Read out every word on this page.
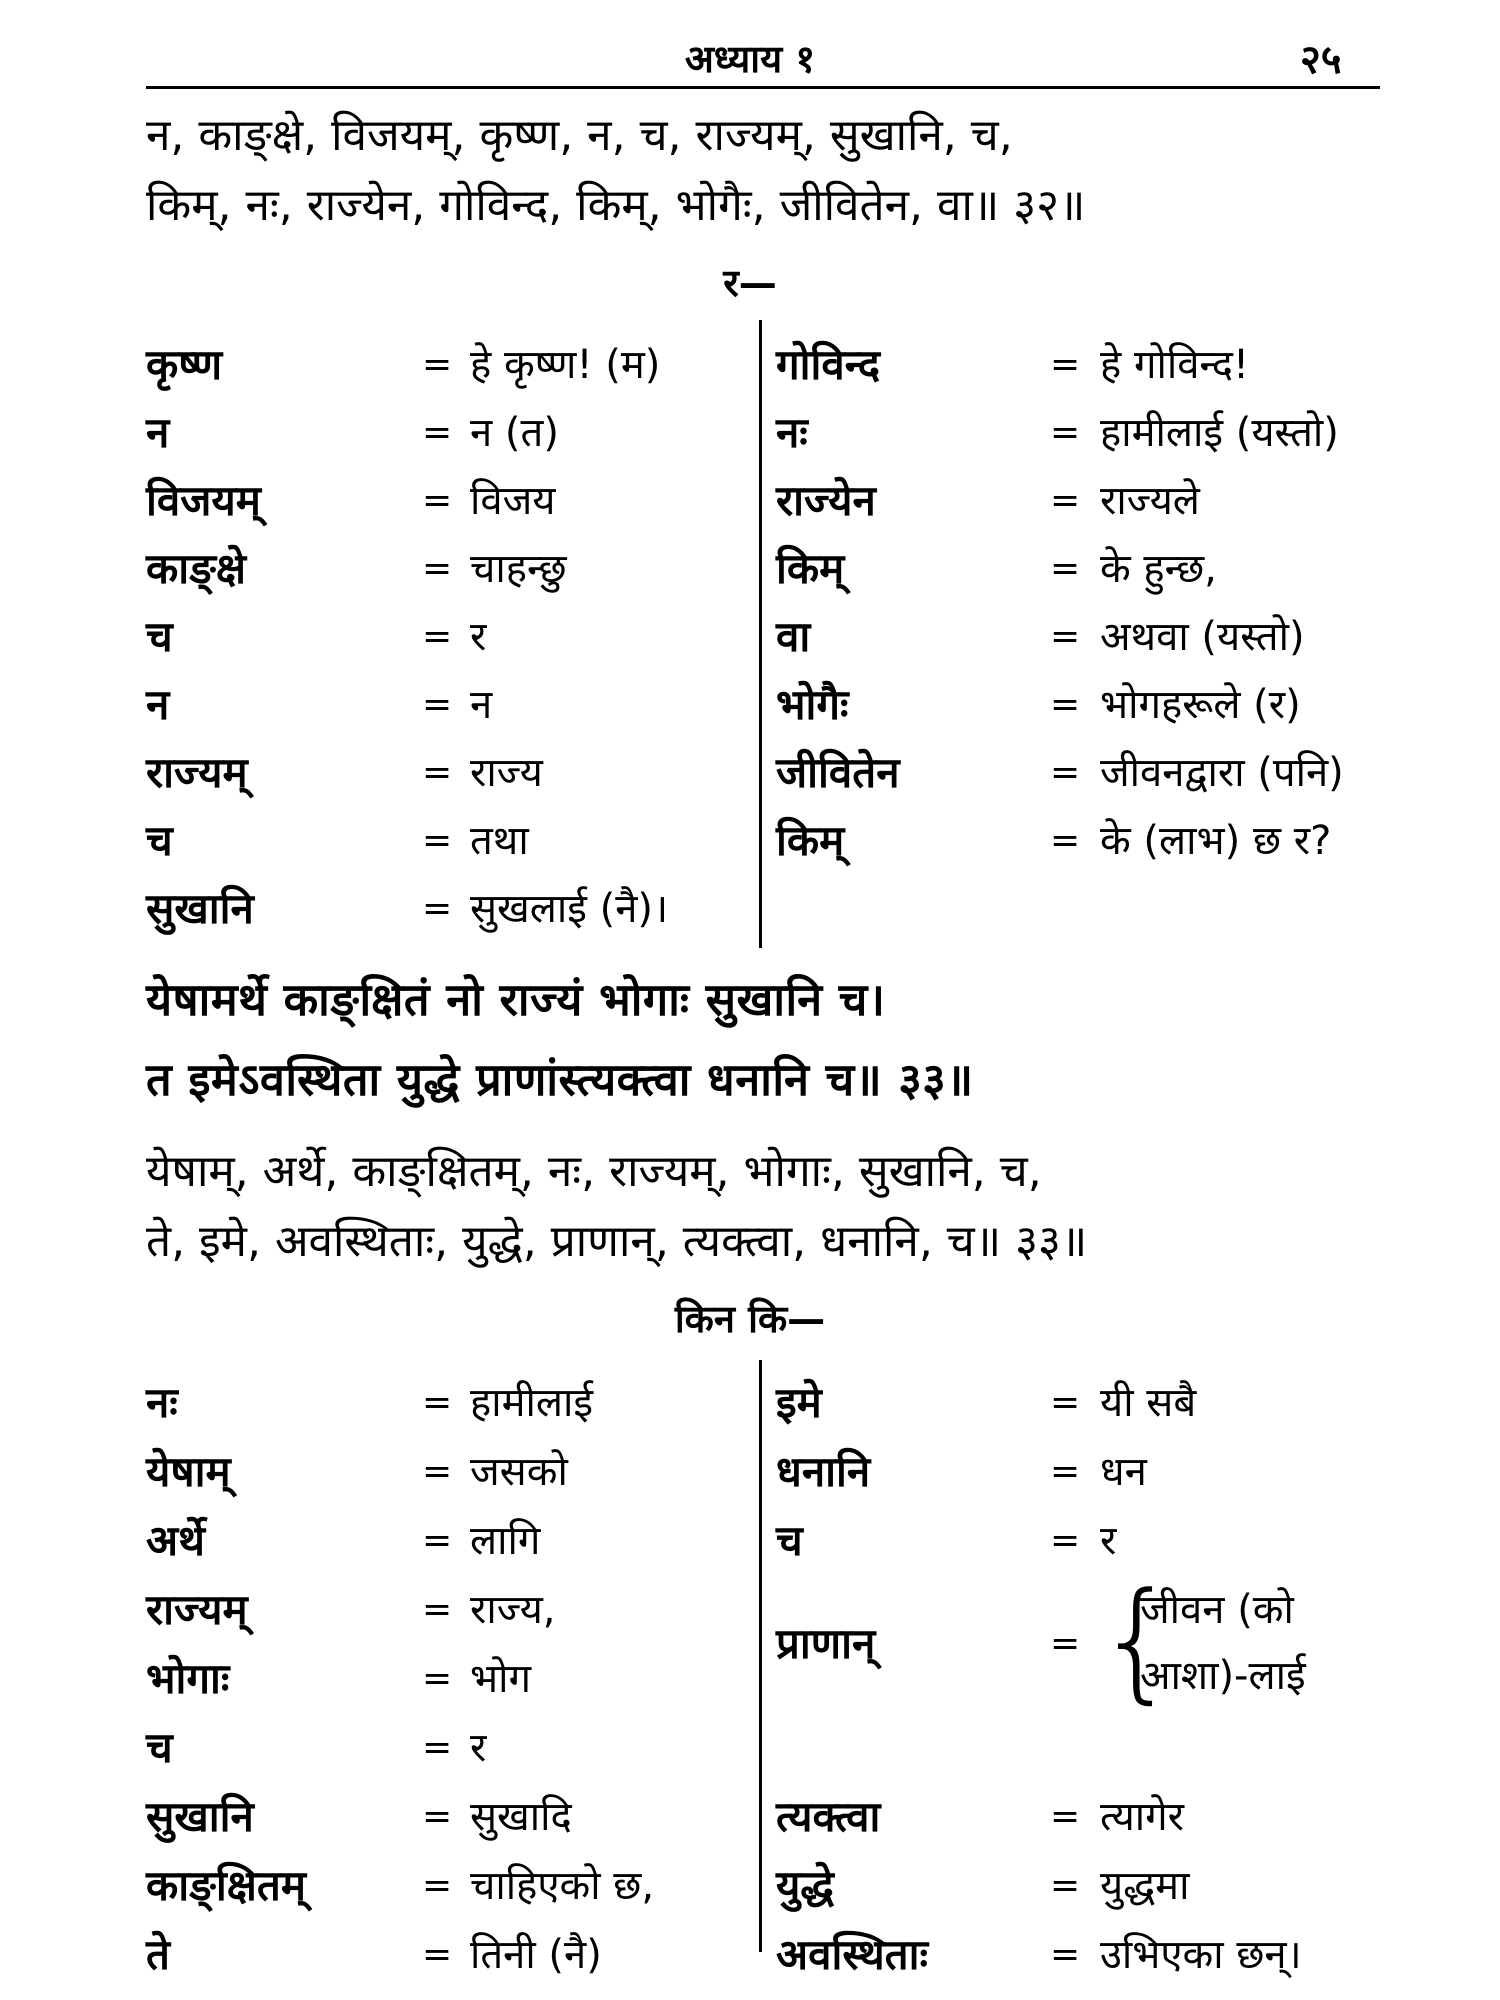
अध्याय १	२५
न, काङ्क्षे, विजयम्, कृष्ण, न, च, राज्यम्, सुखानि, च,
किम्, नः, राज्येन, गोविन्द, किम्, भोगैः, जीवितेन, वा॥ ३२॥
र—
कृष्ण	= हे कृष्ण! (म)
न	= न (त)
विजयम्	= विजय
काङ्क्षे	= चाहन्छु
च	= र
न	= न
राज्यम्	= राज्य
च	= तथा
सुखानि	= सुखलाई (नै)।
गोविन्द	= हे गोविन्द!
नः	= हामीलाई (यस्तो)
राज्येन	= राज्यले
किम्	= के हुन्छ,
वा	= अथवा (यस्तो)
भोगैः	= भोगहरूले (र)
जीवितेन	= जीवनद्वारा (पनि)
किम्	= के (लाभ) छ र?
येषामर्थे काङ्क्षितं नो राज्यं भोगाः सुखानि च।
त इमेऽवस्थिता युद्धे प्राणांस्त्यक्त्वा धनानि च॥ ३३॥
येषाम्, अर्थे, काङ्क्षितम्, नः, राज्यम्, भोगाः, सुखानि, च,
ते, इमे, अवस्थिताः, युद्धे, प्राणान्, त्यक्त्वा, धनानि, च॥ ३३॥
किन कि—
नः	= हामीलाई
येषाम्	= जसको
अर्थे	= लागि
राज्यम्	= राज्य,
भोगाः	= भोग
च	= र
सुखानि	= सुखादि
काङ्क्षितम्	= चाहिएको छ,
ते	= तिनी (नै)
इमे	= यी सबै
धनानि	= धन
च	= र
प्राणान्	= {
जीवन (को
आशा)-लाई
त्यक्त्वा	= त्यागेर
युद्धे	= युद्धमा
अवस्थिताः	= उभिएका छन्।
